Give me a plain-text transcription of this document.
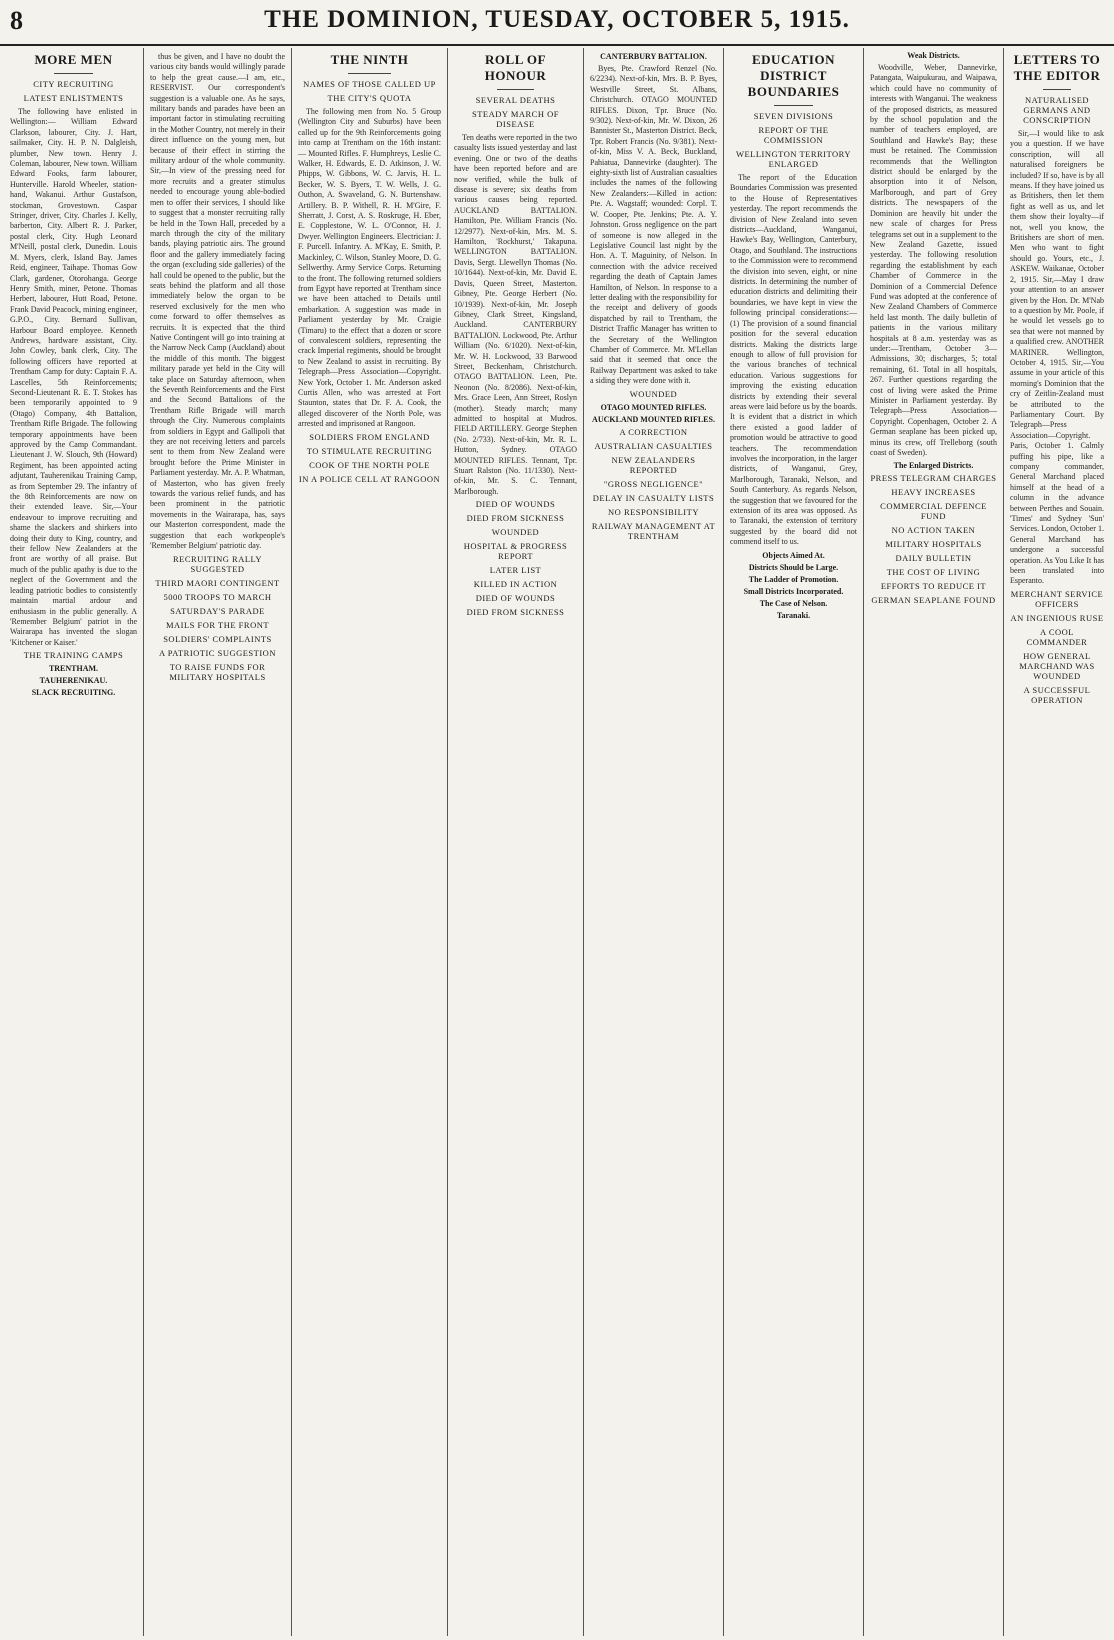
8	THE DOMINION, TUESDAY, OCTOBER 5, 1915.
MORE MEN
CITY RECRUITING
LATEST ENLISTMENTS

The following have enlisted in Wellington:— William Edward Clarkson, labourer, City. J. Hart, sailmaker, City. H. P. N. Dalgleish, plumber, New town. Henry J. Coleman, labourer, New town. William Edward Fooks, farm labourer, Hunterville. Harold Wheeler, station-hand, Wakanui. Arthur Gustafson, stockman, Grovestown. Caspar Stringer, driver, City. Charles J. Kelly, barberton, City. Albert R. J. Parker, postal clerk, City. Hugh Leonard M'Neill, postal clerk, Dunedin. Louis M. Myers, clerk, Island Bay. James Reid, engineer, Taihape. Thomas Gow Clark, gardener, Otorohanga. George Henry Smith, miner, Petone. Thomas Herbert, labourer, Hutt Road, Petone. Frank David Peacock, mining engineer, G.P.O., City. Bernard Sullivan, Harbour Board employee. Kenneth Andrews, hardware assistant, City. John Cowley, bank clerk, City. The following officers have reported at Trentham Camp for duty: Captain F. A. Lascelles, 5th Reinforcements; Second-Lieutenant R. E. T. Stokes has been temporarily appointed to 9 (Otago) Company, 4th Battalion, Trentham Rifle Brigade. The following temporary appointments have been approved by the Camp Commandant. Lieutenant J. W. Slouch, 9th (Howard) Regiment, has been appointed acting adjutant, Tauherenikau Training Camp, as from September 29. The infantry of the 8th Reinforcements are now on their extended leave. Sir,—Your endeavour to improve recruiting and shame the slackers and shirkers into doing their duty to King, country, and their fellow New Zealanders at the front are worthy of all praise. But much of the public apathy is due to the neglect of the Government and the leading patriotic bodies to consistently maintain martial ardour and enthusiasm in the public generally. A 'Remember Belgium' patriot in the Wairarapa has invented the slogan 'Kitchener or Kaiser.'

THE TRAINING CAMPS
TRENTHAM.
TAUHERENIKAU.
SLACK RECRUITING.

thus be given, and I have no doubt the various city bands would willingly parade to help the great cause.—I am, etc., RESERVIST. Our correspondent's suggestion is a valuable one. As he says, military bands and parades have been an important factor in stimulating recruiting in the Mother Country, not merely in their direct influence on the young men, but because of their effect in stirring the military ardour of the whole community. Sir,—In view of the pressing need for more recruits and a greater stimulus needed to encourage young able-bodied men to offer their services, I should like to suggest that a monster recruiting rally be held in the Town Hall, preceded by a march through the city of the military bands, playing patriotic airs. The ground floor and the gallery immediately facing the organ (excluding side galleries) of the hall could be opened to the public, but the seats behind the platform and all those immediately below the organ to be reserved exclusively for the men who come forward to offer themselves as recruits. It is expected that the third Native Contingent will go into training at the Narrow Neck Camp (Auckland) about the middle of this month. The biggest military parade yet held in the City will take place on Saturday afternoon, when the Seventh Reinforcements and the First and the Second Battalions of the Trentham Rifle Brigade will march through the City. Numerous complaints from soldiers in Egypt and Gallipoli that they are not receiving letters and parcels sent to them from New Zealand were brought before the Prime Minister in Parliament yesterday. Mr. A. P. Whatman, of Masterton, who has given freely towards the various relief funds, and has been prominent in the patriotic movements in the Wairarapa, has, says our Masterton correspondent, made the suggestion that each workpeople's 'Remember Belgium' patriotic day.

RECRUITING RALLY SUGGESTED
THIRD MAORI CONTINGENT
5000 TROOPS TO MARCH
SATURDAY'S PARADE
MAILS FOR THE FRONT
SOLDIERS' COMPLAINTS
A PATRIOTIC SUGGESTION
TO RAISE FUNDS FOR MILITARY HOSPITALS
THE NINTH
NAMES OF THOSE CALLED UP
THE CITY'S QUOTA

The following men from No. 5 Group (Wellington City and Suburbs) have been called up for the 9th Reinforcements going into camp at Trentham on the 16th instant:— Mounted Rifles. F. Humphreys, Leslie C. Walker, H. Edwards, E. D. Atkinson, J. W. Phipps, W. Gibbons, W. C. Jarvis, H. L. Becker, W. S. Byers, T. W. Wells, J. G. Outhon, A. Swaveland, G. N. Burtenshaw. Artillery. B. P. Withell, R. H. M'Gire, F. Sherratt, J. Corst, A. S. Roskruge, H. Eber, E. Copplestone, W. L. O'Connor, H. J. Dwyer. Wellington Engineers. Electrician: J. F. Purcell. Infantry. A. M'Kay, E. Smith, P. Mackinley, C. Wilson, Stanley Moore, D. G. Sellwerthy. Army Service Corps. Returning to the front. The following returned soldiers from Egypt have reported at Trentham since we have been attached to Details until embarkation. A suggestion was made in Parliament yesterday by Mr. Craigie (Timaru) to the effect that a dozen or score of convalescent soldiers, representing the crack Imperial regiments, should be brought to New Zealand to assist in recruiting. By Telegraph—Press Association—Copyright. New York, October 1. Mr. Anderson asked Curtis Allen, who was arrested at Fort Staunton, states that Dr. F. A. Cook, the alleged discoverer of the North Pole, was arrested and imprisoned at Rangoon.

SOLDIERS FROM ENGLAND
TO STIMULATE RECRUITING
COOK OF THE NORTH POLE
IN A POLICE CELL AT RANGOON
ROLL OF HONOUR
SEVERAL DEATHS
STEADY MARCH OF DISEASE

Ten deaths were reported in the two casualty lists issued yesterday and last evening. One or two of the deaths have been reported before and are now verified, while the bulk of disease is severe; six deaths from various causes being reported. AUCKLAND BATTALION. Hamilton, Pte. William Francis (No. 12/2977). Next-of-kin, Mrs. M. S. Hamilton, 'Rockhurst,' Takapuna. WELLINGTON BATTALION. Davis, Sergt. Llewellyn Thomas (No. 10/1644). Next-of-kin, Mr. David E. Davis, Queen Street, Masterton. Gibney, Pte. George Herbert (No. 10/1939). Next-of-kin, Mr. Joseph Gibney, Clark Street, Kingsland, Auckland. CANTERBURY BATTALION. Lockwood, Pte. Arthur William (No. 6/1020). Next-of-kin, Mr. W. H. Lockwood, 33 Barwood Street, Beckenham, Christchurch. OTAGO BATTALION. Leen, Pte. Neonon (No. 8/2086). Next-of-kin, Mrs. Grace Leen, Ann Street, Roslyn (mother). Steady march; many admitted to hospital at Mudros. FIELD ARTILLERY. George Stephen (No. 2/733). Next-of-kin, Mr. R. L. Hutton, Sydney. OTAGO MOUNTED RIFLES. Tennant, Tpr. Stuart Ralston (No. 11/1330). Next-of-kin, Mr. S. C. Tennant, Marlborough.

DIED OF WOUNDS
DIED FROM SICKNESS
WOUNDED
HOSPITAL & PROGRESS REPORT
LATER LIST
KILLED IN ACTION
DIED OF WOUNDS
DIED FROM SICKNESS
CANTERBURY BATTALION.

Byes, Pte. Crawford Renzel (No. 6/2234). Next-of-kin, Mrs. B. P. Byes, Westville Street, St. Albans, Christchurch. OTAGO MOUNTED RIFLES. Dixon, Tpr. Bruce (No. 9/302). Next-of-kin, Mr. W. Dixon, 26 Bannister St., Masterton District. Beck, Tpr. Robert Francis (No. 9/381). Next-of-kin, Miss V. A. Beck, Buckland, Pahiatua, Dannevirke (daughter). The eighty-sixth list of Australian casualties includes the names of the following New Zealanders:—Killed in action: Pte. A. Wagstaff; wounded: Corpl. T. W. Cooper, Pte. Jenkins; Pte. A. Y. Johnston. Gross negligence on the part of someone is now alleged in the Legislative Council last night by the Hon. A. T. Maguinity, of Nelson. In connection with the advice received regarding the death of Captain James Hamilton, of Nelson. In response to a letter dealing with the responsibility for the receipt and delivery of goods dispatched by rail to Trentham, the District Traffic Manager has written to the Secretary of the Wellington Chamber of Commerce. Mr. M'Lellan said that it seemed that once the Railway Department was asked to take a siding they were done with it.

WOUNDED
OTAGO MOUNTED RIFLES.
AUCKLAND MOUNTED RIFLES.
A CORRECTION
AUSTRALIAN CASUALTIES
NEW ZEALANDERS REPORTED
"GROSS NEGLIGENCE"
DELAY IN CASUALTY LISTS
NO RESPONSIBILITY
RAILWAY MANAGEMENT AT TRENTHAM
EDUCATION DISTRICT BOUNDARIES
SEVEN DIVISIONS
REPORT OF THE COMMISSION
WELLINGTON TERRITORY ENLARGED

The report of the Education Boundaries Commission was presented to the House of Representatives yesterday. The report recommends the division of New Zealand into seven districts—Auckland, Wanganui, Hawke's Bay, Wellington, Canterbury, Otago, and Southland. The instructions to the Commission were to recommend the division into seven, eight, or nine districts. In determining the number of education districts and delimiting their boundaries, we have kept in view the following principal considerations:—(1) The provision of a sound financial position for the several education districts. Making the districts large enough to allow of full provision for the various branches of technical education. Various suggestions for improving the existing education districts by extending their several areas were laid before us by the boards. It is evident that a district in which there existed a good ladder of promotion would be attractive to good teachers. The recommendation involves the incorporation, in the larger districts, of Wanganui, Grey, Marlborough, Taranaki, Nelson, and South Canterbury. As regards Nelson, the suggestion that we favoured for the extension of its area was opposed. As to Taranaki, the extension of territory suggested by the board did not commend itself to us.

Objects Aimed At.
Districts Should be Large.
The Ladder of Promotion.
Small Districts Incorporated.
The Case of Nelson.
Taranaki.
Weak Districts.

Woodville, Weber, Dannevirke, Patangata, Waipukurau, and Waipawa, which could have no community of interests with Wanganui. The weakness of the proposed districts, as measured by the school population and the number of teachers employed, are Southland and Hawke's Bay; these must be retained. The Commission recommends that the Wellington district should be enlarged by the absorption into it of Nelson, Marlborough, and part of Grey districts. The newspapers of the Dominion are heavily hit under the new scale of charges for Press telegrams set out in a supplement to the New Zealand Gazette, issued yesterday. The following resolution regarding the establishment by each Chamber of Commerce in the Dominion of a Commercial Defence Fund was adopted at the conference of New Zealand Chambers of Commerce held last month. The daily bulletin of patients in the various military hospitals at 8 a.m. yesterday was as under:—Trentham, October 3—Admissions, 30; discharges, 5; total remaining, 61. Total in all hospitals, 267. Further questions regarding the cost of living were asked the Prime Minister in Parliament yesterday. By Telegraph—Press Association—Copyright. Copenhagen, October 2. A German seaplane has been picked up, minus its crew, off Trelleborg (south coast of Sweden).

The Enlarged Districts.
PRESS TELEGRAM CHARGES
HEAVY INCREASES
COMMERCIAL DEFENCE FUND
NO ACTION TAKEN
MILITARY HOSPITALS
DAILY BULLETIN
THE COST OF LIVING
EFFORTS TO REDUCE IT
GERMAN SEAPLANE FOUND
LETTERS TO THE EDITOR
NATURALISED GERMANS AND CONSCRIPTION

Sir,—I would like to ask you a question. If we have conscription, will all naturalised foreigners be included? If so, have is by all means. If they have joined us as Britishers, then let them fight as well as us, and let them show their loyalty—if not, well you know, the Britishers are short of men. Men who want to fight should go. Yours, etc., J. ASKEW. Waikanae, October 2, 1915. Sir,—May I draw your attention to an answer given by the Hon. Dr. M'Nab to a question by Mr. Poole, if he would let vessels go to sea that were not manned by a qualified crew. ANOTHER MARINER. Wellington, October 4, 1915. Sir,—You assume in your article of this morning's Dominion that the cry of Zeitlin-Zealand must be attributed to the Parliamentary Court. By Telegraph—Press Association—Copyright. Paris, October 1. Calmly puffing his pipe, like a company commander, General Marchand placed himself at the head of a column in the advance between Perthes and Souain. 'Times' and Sydney 'Sun' Services. London, October 1. General Marchand has undergone a successful operation. As You Like It has been translated into Esperanto.

MERCHANT SERVICE OFFICERS
AN INGENIOUS RUSE
A COOL COMMANDER
HOW GENERAL MARCHAND WAS WOUNDED
A SUCCESSFUL OPERATION
